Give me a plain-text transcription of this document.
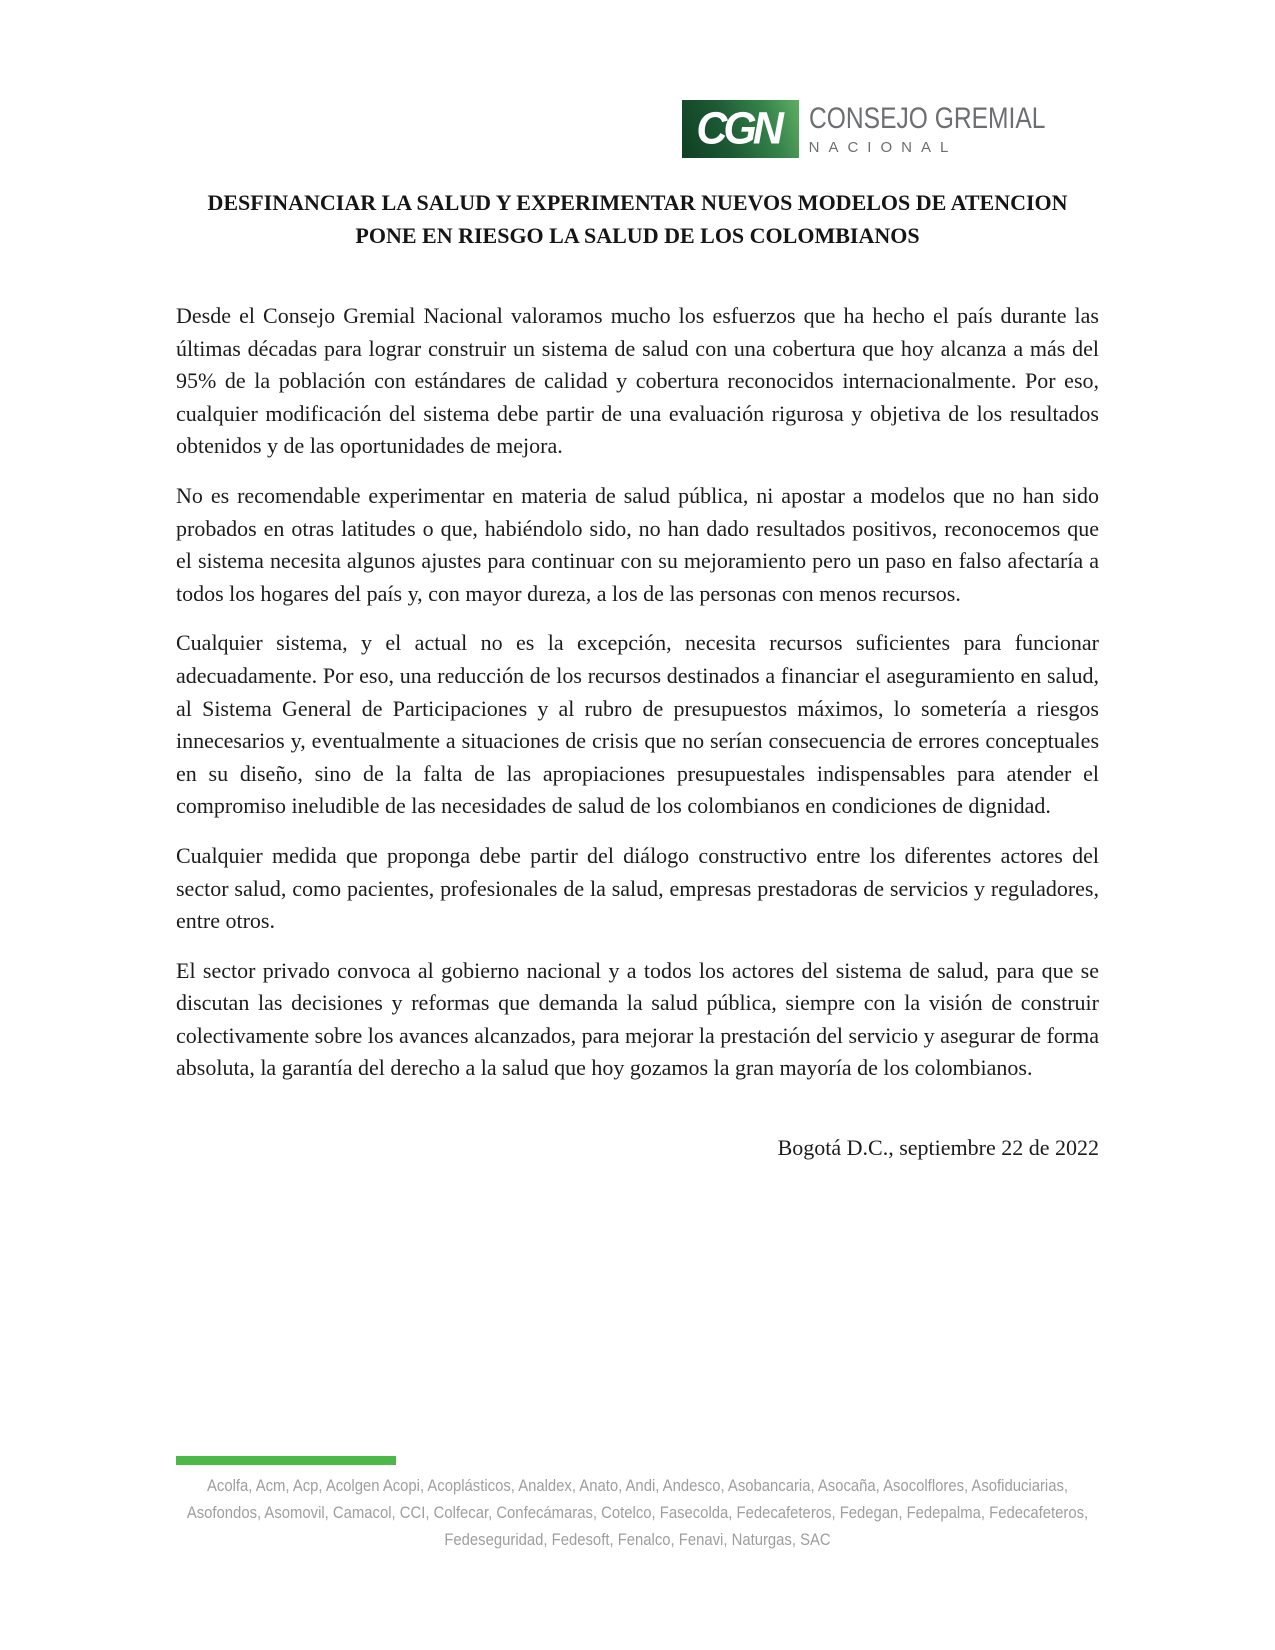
CGN CONSEJO GREMIAL
NACIONAL
DESFINANCIAR LA SALUD Y EXPERIMENTAR NUEVOS MODELOS DE ATENCION
PONE EN RIESGO LA SALUD DE LOS COLOMBIANOS

Desde el Consejo Gremial Nacional valoramos mucho los esfuerzos que ha hecho el país durante las últimas décadas para lograr construir un sistema de salud con una cobertura que hoy alcanza a más del 95% de la población con estándares de calidad y cobertura reconocidos internacionalmente. Por eso, cualquier modificación del sistema debe partir de una evaluación rigurosa y objetiva de los resultados obtenidos y de las oportunidades de mejora.

No es recomendable experimentar en materia de salud pública, ni apostar a modelos que no han sido probados en otras latitudes o que, habiéndolo sido, no han dado resultados positivos, reconocemos que el sistema necesita algunos ajustes para continuar con su mejoramiento pero un paso en falso afectaría a todos los hogares del país y, con mayor dureza, a los de las personas con menos recursos.

Cualquier sistema, y el actual no es la excepción, necesita recursos suficientes para funcionar adecuadamente. Por eso, una reducción de los recursos destinados a financiar el aseguramiento en salud, al Sistema General de Participaciones y al rubro de presupuestos máximos, lo sometería a riesgos innecesarios y, eventualmente a situaciones de crisis que no serían consecuencia de errores conceptuales en su diseño, sino de la falta de las apropiaciones presupuestales indispensables para atender el compromiso ineludible de las necesidades de salud de los colombianos en condiciones de dignidad.

Cualquier medida que proponga debe partir del diálogo constructivo entre los diferentes actores del sector salud, como pacientes, profesionales de la salud, empresas prestadoras de servicios y reguladores, entre otros.

El sector privado convoca al gobierno nacional y a todos los actores del sistema de salud, para que se discutan las decisiones y reformas que demanda la salud pública, siempre con la visión de construir colectivamente sobre los avances alcanzados, para mejorar la prestación del servicio y asegurar de forma absoluta, la garantía del derecho a la salud que hoy gozamos la gran mayoría de los colombianos.

Bogotá D.C., septiembre 22 de 2022
Acolfa, Acm, Acp, Acolgen Acopi, Acoplásticos, Analdex, Anato, Andi, Andesco, Asobancaria, Asocaña, Asocolflores, Asofiduciarias,
Asofondos, Asomovil, Camacol, CCI, Colfecar, Confecámaras, Cotelco, Fasecolda, Fedecafeteros, Fedegan, Fedepalma, Fedecafeteros,
Fedeseguridad, Fedesoft, Fenalco, Fenavi, Naturgas, SAC
